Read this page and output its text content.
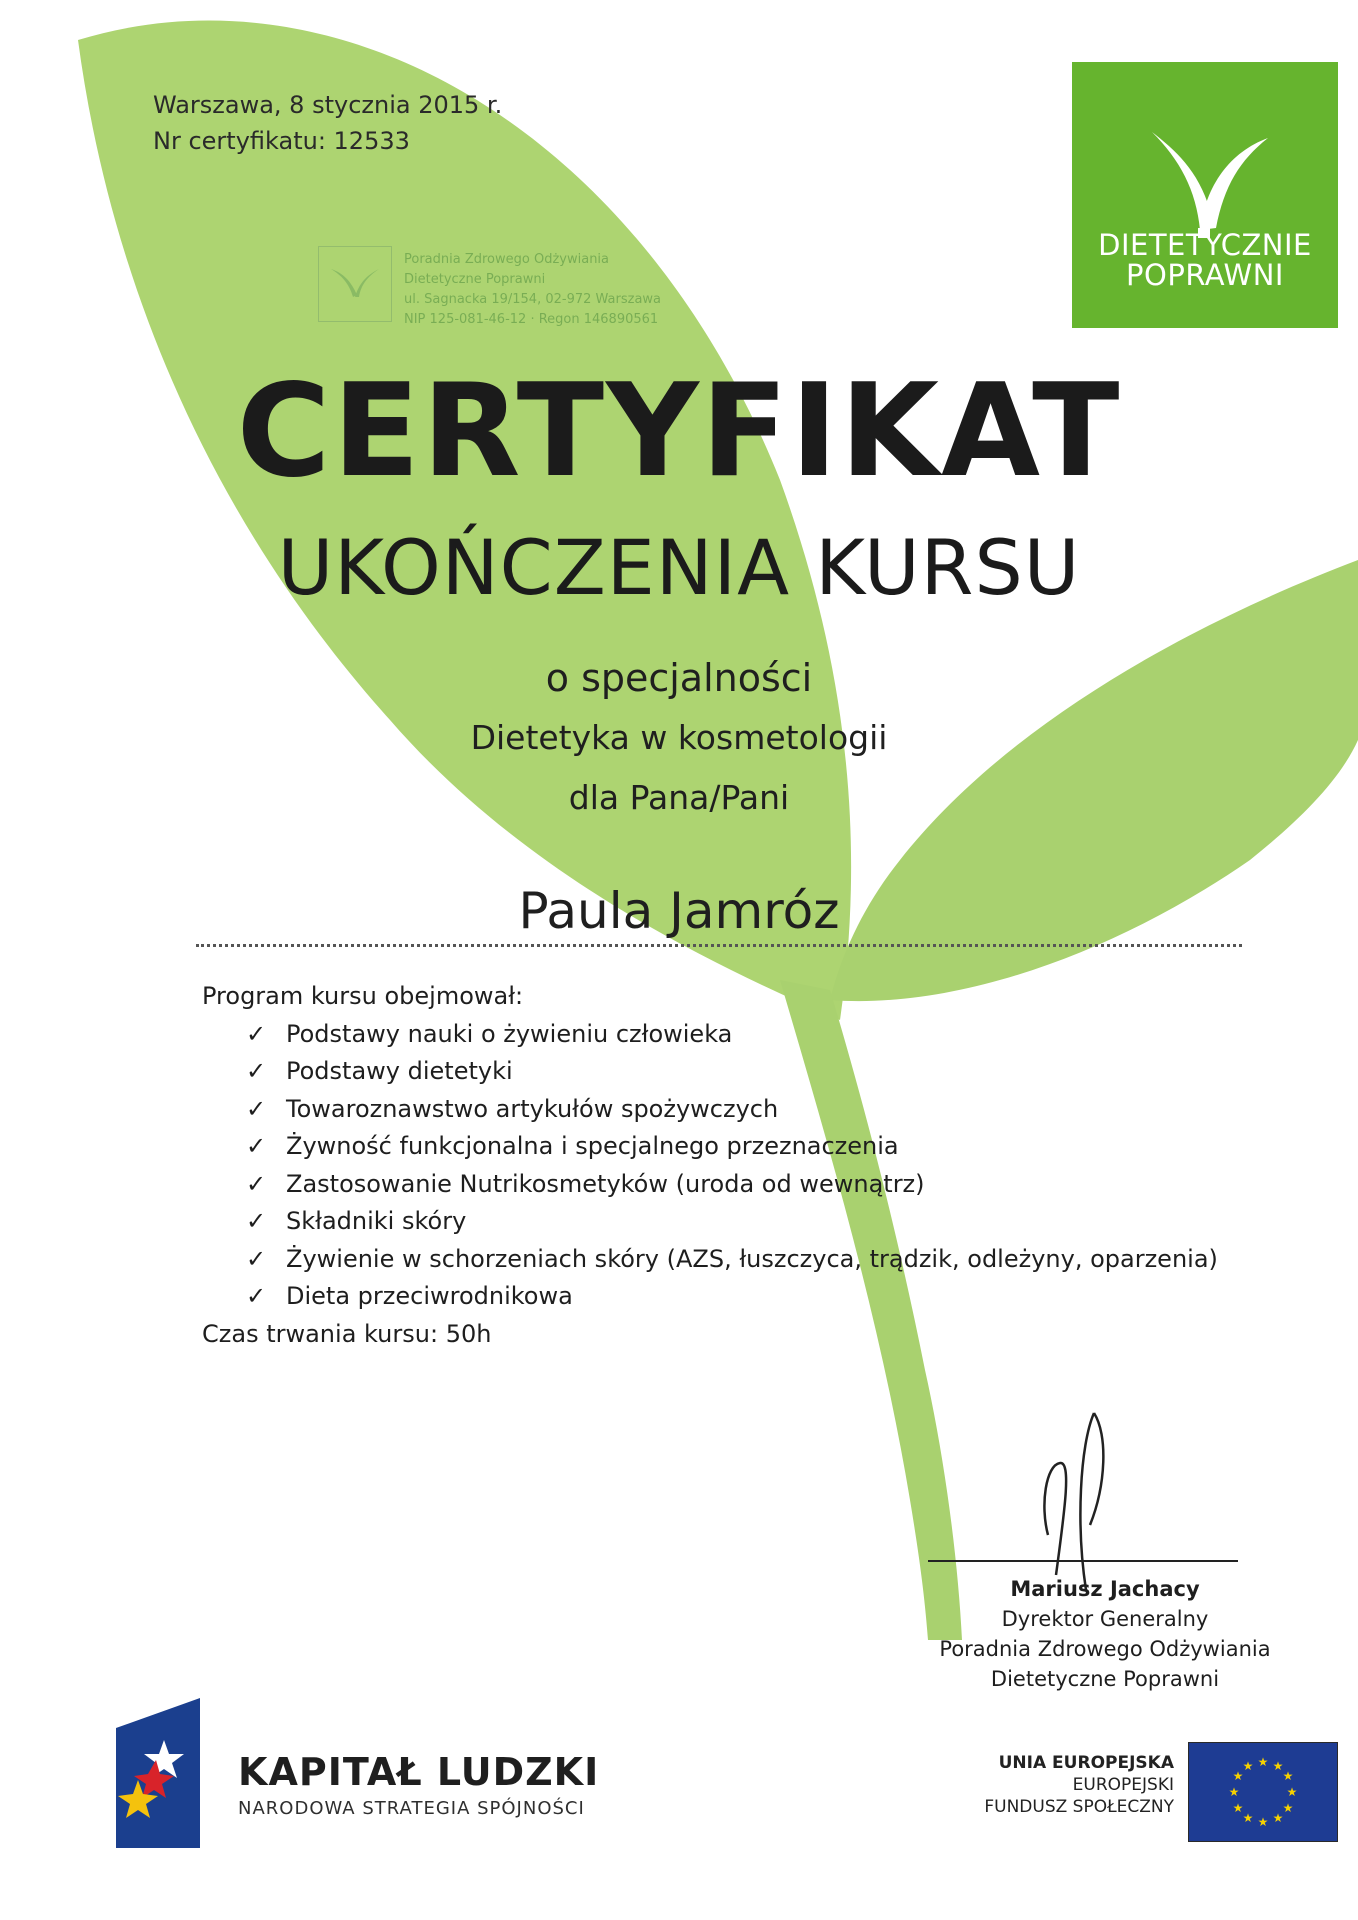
Warszawa, 8 stycznia 2015 r.
Nr certyfikatu: 12533
DIETETYCZNIE
POPRAWNI
Poradnia Zdrowego Odżywiania
Dietetyczne Poprawni
ul. Sagnacka 19/154, 02-972 Warszawa
NIP 125-081-46-12 · Regon 146890561
CERTYFIKAT
UKOŃCZENIA KURSU
o specjalności
Dietetyka w kosmetologii
dla Pana/Pani
Paula Jamróz
Program kursu obejmował:
✓ Podstawy nauki o żywieniu człowieka
✓ Podstawy dietetyki
✓ Towaroznawstwo artykułów spożywczych
✓ Żywność funkcjonalna i specjalnego przeznaczenia
✓ Zastosowanie Nutrikosmetyków (uroda od wewnątrz)
✓ Składniki skóry
✓ Żywienie w schorzeniach skóry (AZS, łuszczyca, trądzik, odleżyny, oparzenia)
✓ Dieta przeciwrodnikowa
Czas trwania kursu: 50h
Mariusz Jachacy
Dyrektor Generalny
Poradnia Zdrowego Odżywiania
Dietetyczne Poprawni
KAPITAŁ LUDZKI
NARODOWA STRATEGIA SPÓJNOŚCI
UNIA EUROPEJSKA
EUROPEJSKI
FUNDUSZ SPOŁECZNY
★ ★
★
★
★
★
★
★
★
★
★
★
